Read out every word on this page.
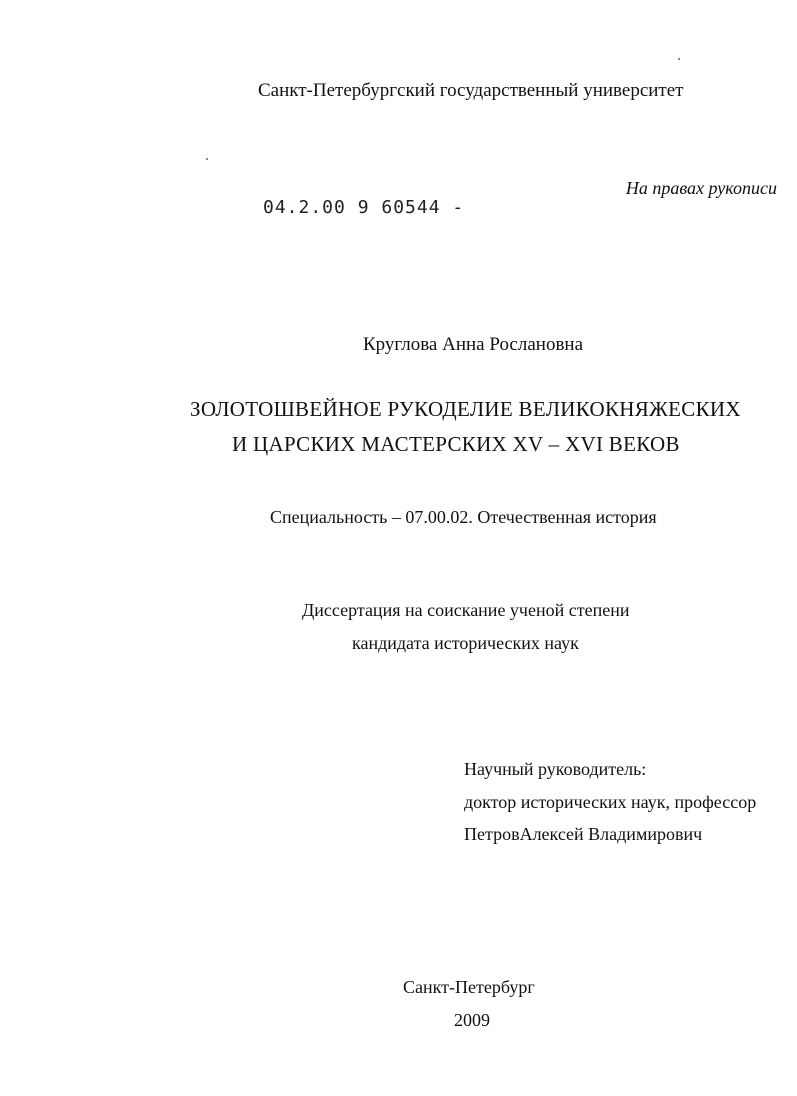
Санкт-Петербургский государственный университет
На правах рукописи
04.2.00 9 60544 -
Круглова Анна Рослановна
ЗОЛОТОШВЕЙНОЕ РУКОДЕЛИЕ ВЕЛИКОКНЯЖЕСКИХ
И ЦАРСКИХ МАСТЕРСКИХ XV – XVI ВЕКОВ
Специальность – 07.00.02. Отечественная история
Диссертация на соискание ученой степени
кандидата исторических наук
Научный руководитель:
доктор исторических наук, профессор
ПетровАлексей Владимирович
Санкт-Петербург
2009
